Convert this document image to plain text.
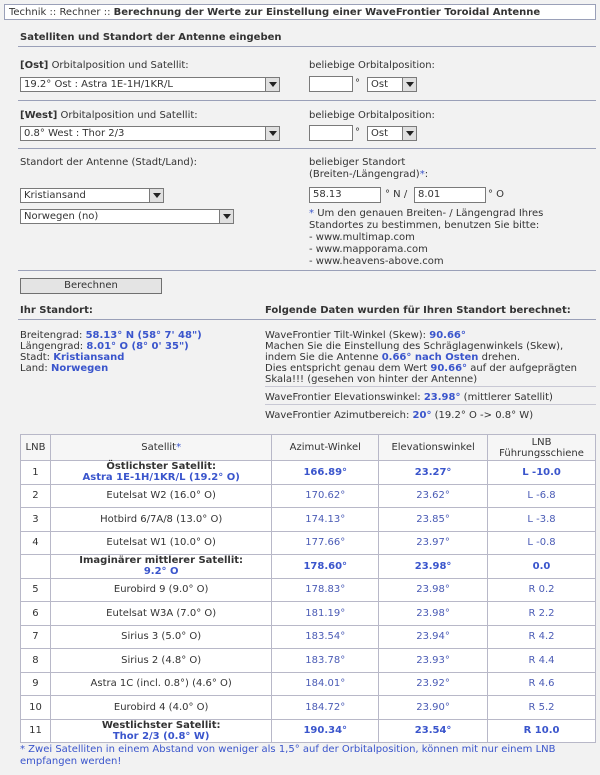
Technik :: Rechner :: Berechnung der Werte zur Einstellung einer WaveFrontier Toroidal Antenne
Satelliten und Standort der Antenne eingeben
[Ost] Orbitalposition und Satellit:
19.2° Ost : Astra 1E-1H/1KR/L
beliebige Orbitalposition:
°	Ost
[West] Orbitalposition und Satellit:
0.8° West : Thor 2/3
beliebige Orbitalposition:
°	Ost
Standort der Antenne (Stadt/Land):	beliebiger Standort
(Breiten-/Längengrad)*:
Kristiansand
Norwegen (no)
58.13	° N /	8.01	° O
* Um den genauen Breiten- / Längengrad Ihres
Standortes zu bestimmen, benutzen Sie bitte:
- www.multimap.com
- www.mapporama.com
- www.heavens-above.com
Berechnen
Ihr Standort:	Folgende Daten wurden für Ihren Standort berechnet:
Breitengrad: 58.13° N (58° 7' 48")
Längengrad: 8.01° O (8° 0' 35")
Stadt: Kristiansand
Land: Norwegen
WaveFrontier Tilt-Winkel (Skew): 90.66°
Machen Sie die Einstellung des Schräglagenwinkels (Skew),
indem Sie die Antenne 0.66° nach Osten drehen.
Dies entspricht genau dem Wert 90.66° auf der aufgeprägten
Skala!!! (gesehen von hinter der Antenne)
WaveFrontier Elevationswinkel: 23.98° (mittlerer Satellit)
WaveFrontier Azimutbereich: 20° (19.2° O -> 0.8° W)
LNB	Satellit*	Azimut-Winkel	Elevationswinkel	LNB
Führungsschiene
1	Östlichster Satellit:
Astra 1E-1H/1KR/L (19.2° O)	166.89°	23.27°	L -10.0
2	Eutelsat W2 (16.0° O)	170.62°	23.62°	L -6.8
3	Hotbird 6/7A/8 (13.0° O)	174.13°	23.85°	L -3.8
4	Eutelsat W1 (10.0° O)	177.66°	23.97°	L -0.8
	Imaginärer mittlerer Satellit:
9.2° O	178.60°	23.98°	0.0
5	Eurobird 9 (9.0° O)	178.83°	23.98°	R 0.2
6	Eutelsat W3A (7.0° O)	181.19°	23.98°	R 2.2
7	Sirius 3 (5.0° O)	183.54°	23.94°	R 4.2
8	Sirius 2 (4.8° O)	183.78°	23.93°	R 4.4
9	Astra 1C (incl. 0.8°) (4.6° O)	184.01°	23.92°	R 4.6
10	Eurobird 4 (4.0° O)	184.72°	23.90°	R 5.2
11	Westlichster Satellit:
Thor 2/3 (0.8° W)	190.34°	23.54°	R 10.0
* Zwei Satelliten in einem Abstand von weniger als 1,5° auf der Orbitalposition, können mit nur einem LNB
empfangen werden!
